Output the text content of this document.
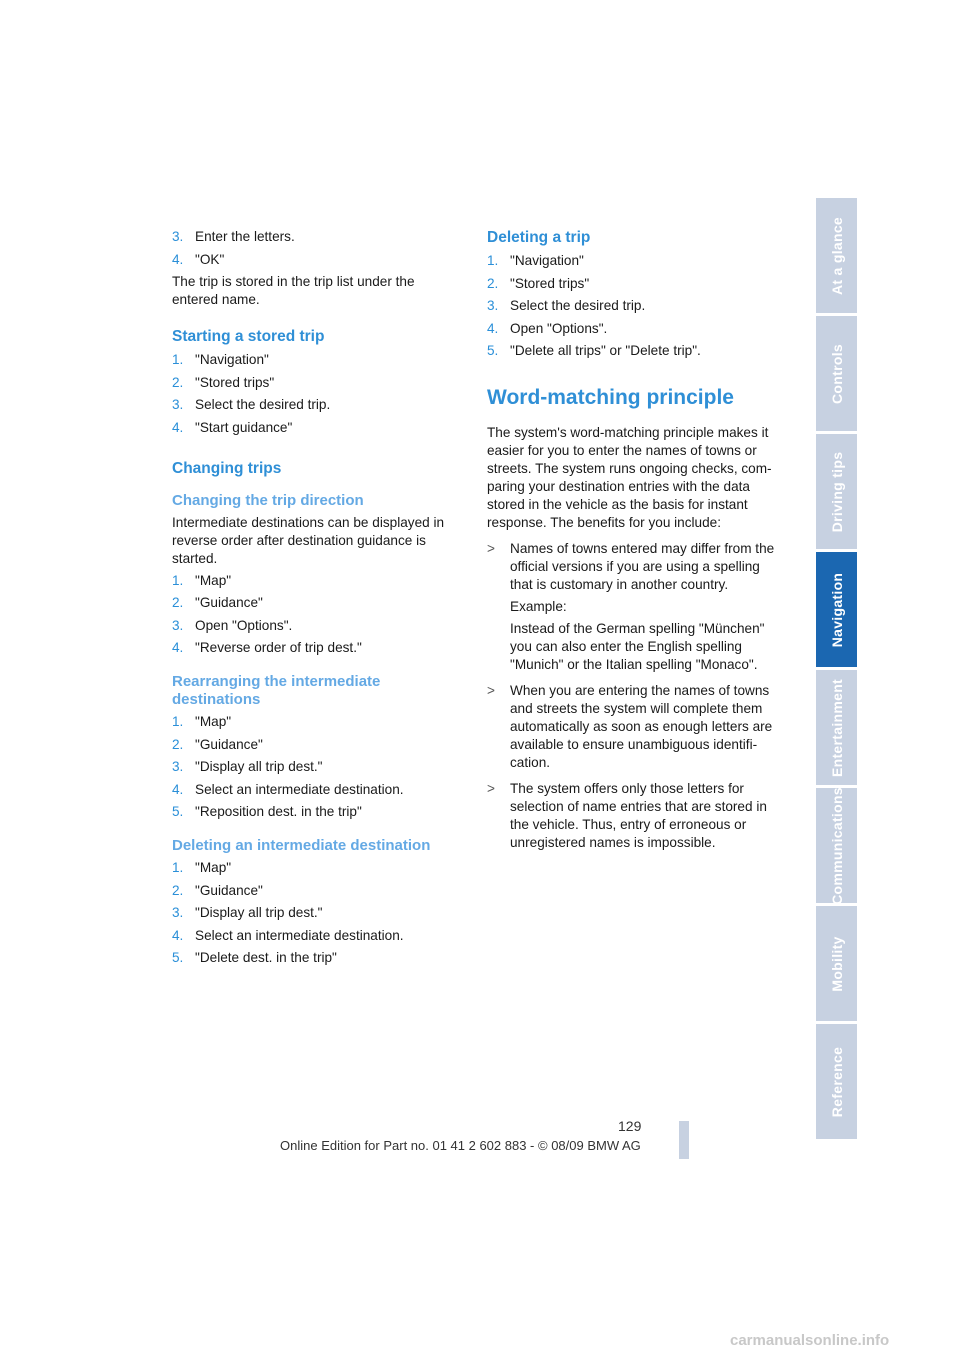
3. Enter the letters.
4. "OK"

The trip is stored in the trip list under the entered name.

Starting a stored trip
1. "Navigation"
2. "Stored trips"
3. Select the desired trip.
4. "Start guidance"
Changing trips
Changing the trip direction

Intermediate destinations can be displayed in reverse order after destination guidance is started.

1. "Map"
2. "Guidance"
3. Open "Options".
4. "Reverse order of trip dest."
Rearranging the intermediate destinations
1. "Map"
2. "Guidance"
3. "Display all trip dest."
4. Select an intermediate destination.
5. "Reposition dest. in the trip"
Deleting an intermediate destination
1. "Map"
2. "Guidance"
3. "Display all trip dest."
4. Select an intermediate destination.
5. "Delete dest. in the trip"
Deleting a trip
1. "Navigation"
2. "Stored trips"
3. Select the desired trip.
4. Open "Options".
5. "Delete all trips" or "Delete trip".
Word-matching principle

The system's word-matching principle makes it easier for you to enter the names of towns or streets. The system runs ongoing checks, com-paring your destination entries with the data stored in the vehicle as the basis for instant response. The benefits for you include:

>	Names of towns entered may differ from the official versions if you are using a spelling that is customary in another country.
Example:
Instead of the German spelling "München" you can also enter the English spelling "Munich" or the Italian spelling "Monaco".
>	When you are entering the names of towns and streets the system will complete them automatically as soon as enough letters are available to ensure unambiguous identifi-cation.
>	The system offers only those letters for selection of name entries that are stored in the vehicle. Thus, entry of erroneous or unregistered names is impossible.
At a glance
Controls
Driving tips
Navigation
Entertainment
Communications
Mobility
Reference
129
Online Edition for Part no. 01 41 2 602 883 - © 08/09 BMW AG
carmanualsonline.info
